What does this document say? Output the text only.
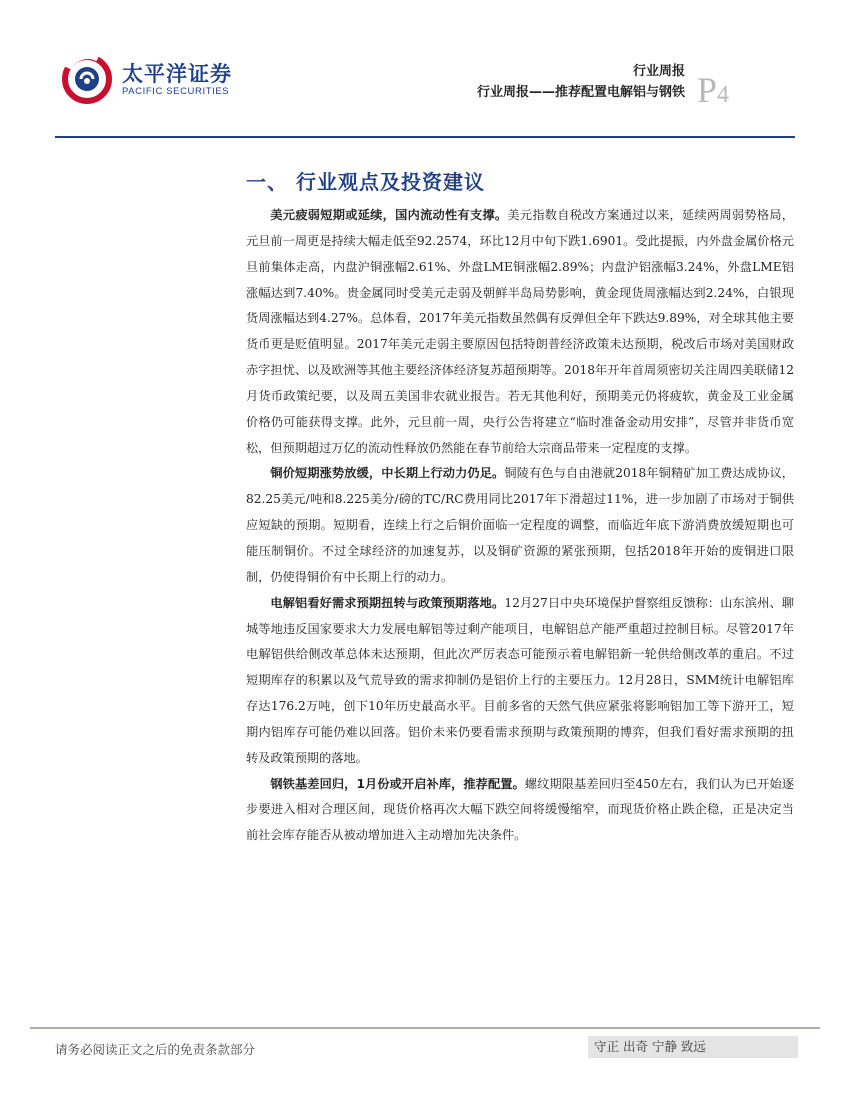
太平洋证券
PACIFIC SECURITIES
行业周报
行业周报——推荐配置电解铝与钢铁 P4
一、 行业观点及投资建议

美元疲弱短期或延续，国内流动性有支撑。美元指数自税改方案通过以来，延续两周弱势格局，元旦前一周更是持续大幅走低至92.2574，环比12月中旬下跌1.6901。受此提振，内外盘金属价格元旦前集体走高，内盘沪铜涨幅2.61%、外盘LME铜涨幅2.89%；内盘沪铝涨幅3.24%，外盘LME铝涨幅达到7.40%。贵金属同时受美元走弱及朝鲜半岛局势影响，黄金现货周涨幅达到2.24%，白银现货周涨幅达到4.27%。总体看，2017年美元指数虽然偶有反弹但全年下跌达9.89%，对全球其他主要货币更是贬值明显。2017年美元走弱主要原因包括特朗普经济政策未达预期，税改后市场对美国财政赤字担忧、以及欧洲等其他主要经济体经济复苏超预期等。2018年开年首周须密切关注周四美联储12月货币政策纪要，以及周五美国非农就业报告。若无其他利好，预期美元仍将疲软，黄金及工业金属价格仍可能获得支撑。此外，元旦前一周，央行公告将建立“临时准备金动用安排”，尽管并非货币宽松，但预期超过万亿的流动性释放仍然能在春节前给大宗商品带来一定程度的支撑。

铜价短期涨势放缓，中长期上行动力仍足。铜陵有色与自由港就2018年铜精矿加工费达成协议，82.25美元/吨和8.225美分/磅的TC/RC费用同比2017年下滑超过11%，进一步加剧了市场对于铜供应短缺的预期。短期看，连续上行之后铜价面临一定程度的调整，而临近年底下游消费放缓短期也可能压制铜价。不过全球经济的加速复苏，以及铜矿资源的紧张预期，包括2018年开始的废铜进口限制，仍使得铜价有中长期上行的动力。

电解铝看好需求预期扭转与政策预期落地。12月27日中央环境保护督察组反馈称：山东滨州、聊城等地违反国家要求大力发展电解铝等过剩产能项目，电解铝总产能严重超过控制目标。尽管2017年电解铝供给侧改革总体未达预期，但此次严厉表态可能预示着电解铝新一轮供给侧改革的重启。不过短期库存的积累以及气荒导致的需求抑制仍是铝价上行的主要压力。12月28日，SMM统计电解铝库存达176.2万吨，创下10年历史最高水平。目前多省的天然气供应紧张将影响铝加工等下游开工，短期内铝库存可能仍难以回落。铝价未来仍要看需求预期与政策预期的博弈，但我们看好需求预期的扭转及政策预期的落地。

钢铁基差回归，1月份或开启补库，推荐配置。螺纹期限基差回归至450左右，我们认为已开始逐步要进入相对合理区间，现货价格再次大幅下跌空间将缓慢缩窄，而现货价格止跌企稳，正是决定当前社会库存能否从被动增加进入主动增加先决条件。

请务必阅读正文之后的免责条款部分	守正 出奇 宁静 致远
